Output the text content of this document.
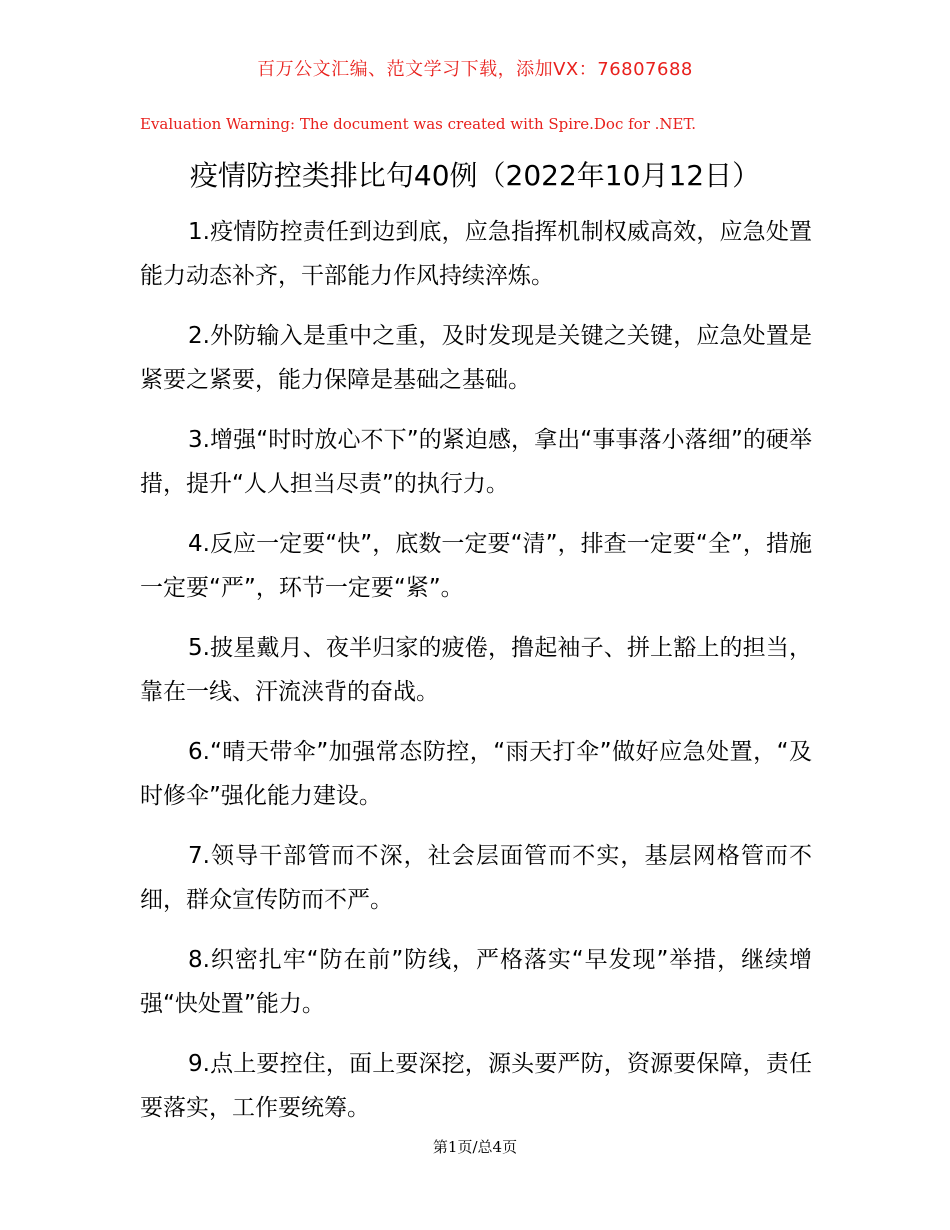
百万公文汇编、范文学习下载，添加VX：76807688
Evaluation Warning: The document was created with Spire.Doc for .NET.
疫情防控类排比句40例（2022年10月12日）

1.疫情防控责任到边到底，应急指挥机制权威高效，应急处置能力动态补齐，干部能力作风持续淬炼。

2.外防输入是重中之重，及时发现是关键之关键，应急处置是紧要之紧要，能力保障是基础之基础。

3.增强“时时放心不下”的紧迫感，拿出“事事落小落细”的硬举措，提升“人人担当尽责”的执行力。

4.反应一定要“快”，底数一定要“清”，排查一定要“全”，措施一定要“严”，环节一定要“紧”。

5.披星戴月、夜半归家的疲倦，撸起袖子、拼上豁上的担当，靠在一线、汗流浃背的奋战。

6.“晴天带伞”加强常态防控，“雨天打伞”做好应急处置，“及时修伞”强化能力建设。

7.领导干部管而不深，社会层面管而不实，基层网格管而不细，群众宣传防而不严。

8.织密扎牢“防在前”防线，严格落实“早发现”举措，继续增强“快处置”能力。

9.点上要控住，面上要深挖，源头要严防，资源要保障，责任要落实，工作要统筹。

第1页/总4页
